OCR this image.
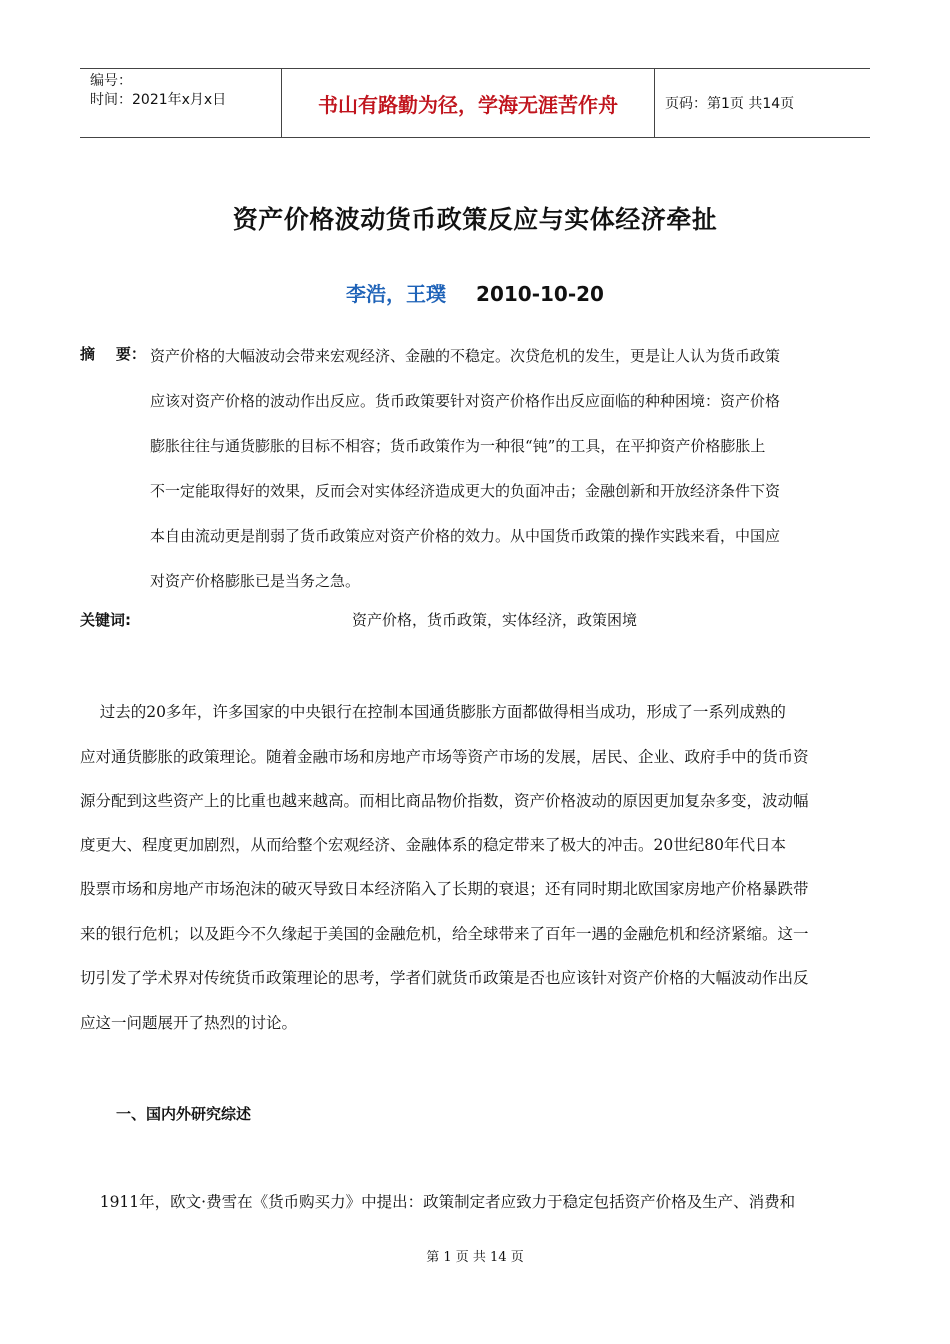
编号：
时间：2021年x月x日	书山有路勤为径，学海无涯苦作舟	页码：第1页 共14页
资产价格波动货币政策反应与实体经济牵扯
李浩，王璞 2010-10-20
摘    要： 资产价格的大幅波动会带来宏观经济、金融的不稳定。次贷危机的发生，更是让人认为货币政策
应该对资产价格的波动作出反应。货币政策要针对资产价格作出反应面临的种种困境：资产价格
膨胀往往与通货膨胀的目标不相容；货币政策作为一种很“钝”的工具，在平抑资产价格膨胀上
不一定能取得好的效果，反而会对实体经济造成更大的负面冲击；金融创新和开放经济条件下资
本自由流动更是削弱了货币政策应对资产价格的效力。从中国货币政策的操作实践来看，中国应
对资产价格膨胀已是当务之急。
关键词:	资产价格，货币政策，实体经济，政策困境
过去的20多年，许多国家的中央银行在控制本国通货膨胀方面都做得相当成功，形成了一系列成熟的
应对通货膨胀的政策理论。随着金融市场和房地产市场等资产市场的发展，居民、企业、政府手中的货币资
源分配到这些资产上的比重也越来越高。而相比商品物价指数，资产价格波动的原因更加复杂多变，波动幅
度更大、程度更加剧烈，从而给整个宏观经济、金融体系的稳定带来了极大的冲击。20世纪80年代日本
股票市场和房地产市场泡沫的破灭导致日本经济陷入了长期的衰退；还有同时期北欧国家房地产价格暴跌带
来的银行危机；以及距今不久缘起于美国的金融危机，给全球带来了百年一遇的金融危机和经济紧缩。这一
切引发了学术界对传统货币政策理论的思考，学者们就货币政策是否也应该针对资产价格的大幅波动作出反
应这一问题展开了热烈的讨论。
一、国内外研究综述
1911年，欧文·费雪在《货币购买力》中提出：政策制定者应致力于稳定包括资产价格及生产、消费和
第 1 页 共 14 页
